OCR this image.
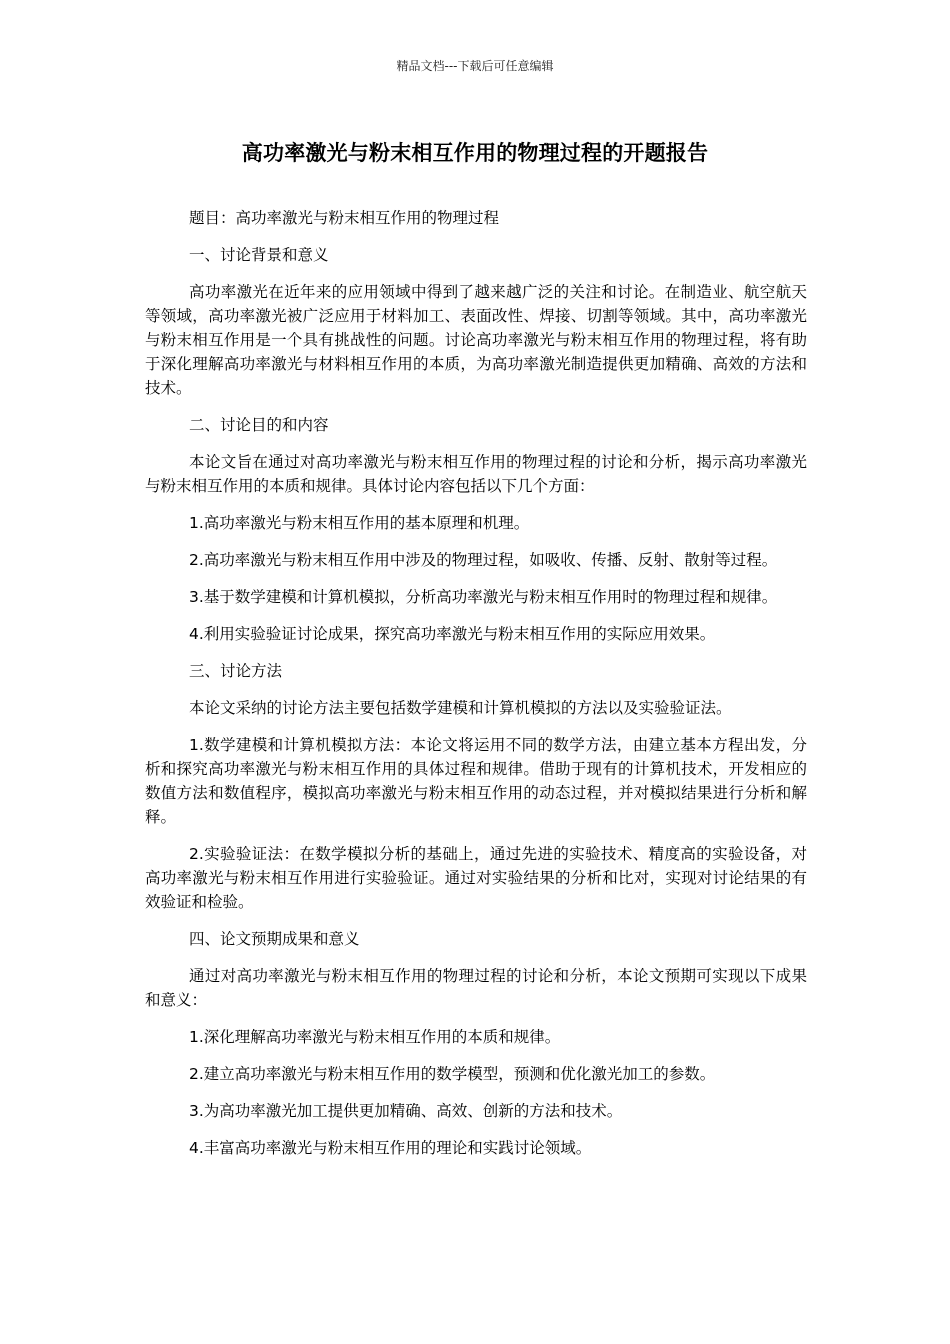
精品文档---下载后可任意编辑
高功率激光与粉末相互作用的物理过程的开题报告

题目：高功率激光与粉末相互作用的物理过程

一、讨论背景和意义

高功率激光在近年来的应用领域中得到了越来越广泛的关注和讨论。在制造业、航空航天等领域，高功率激光被广泛应用于材料加工、表面改性、焊接、切割等领域。其中，高功率激光与粉末相互作用是一个具有挑战性的问题。讨论高功率激光与粉末相互作用的物理过程，将有助于深化理解高功率激光与材料相互作用的本质，为高功率激光制造提供更加精确、高效的方法和技术。

二、讨论目的和内容

本论文旨在通过对高功率激光与粉末相互作用的物理过程的讨论和分析，揭示高功率激光与粉末相互作用的本质和规律。具体讨论内容包括以下几个方面：

1.高功率激光与粉末相互作用的基本原理和机理。

2.高功率激光与粉末相互作用中涉及的物理过程，如吸收、传播、反射、散射等过程。

3.基于数学建模和计算机模拟，分析高功率激光与粉末相互作用时的物理过程和规律。

4.利用实验验证讨论成果，探究高功率激光与粉末相互作用的实际应用效果。

三、讨论方法

本论文采纳的讨论方法主要包括数学建模和计算机模拟的方法以及实验验证法。

1.数学建模和计算机模拟方法：本论文将运用不同的数学方法，由建立基本方程出发，分析和探究高功率激光与粉末相互作用的具体过程和规律。借助于现有的计算机技术，开发相应的数值方法和数值程序，模拟高功率激光与粉末相互作用的动态过程，并对模拟结果进行分析和解释。

2.实验验证法：在数学模拟分析的基础上，通过先进的实验技术、精度高的实验设备，对高功率激光与粉末相互作用进行实验验证。通过对实验结果的分析和比对，实现对讨论结果的有效验证和检验。

四、论文预期成果和意义

通过对高功率激光与粉末相互作用的物理过程的讨论和分析，本论文预期可实现以下成果和意义：

1.深化理解高功率激光与粉末相互作用的本质和规律。

2.建立高功率激光与粉末相互作用的数学模型，预测和优化激光加工的参数。

3.为高功率激光加工提供更加精确、高效、创新的方法和技术。

4.丰富高功率激光与粉末相互作用的理论和实践讨论领域。
